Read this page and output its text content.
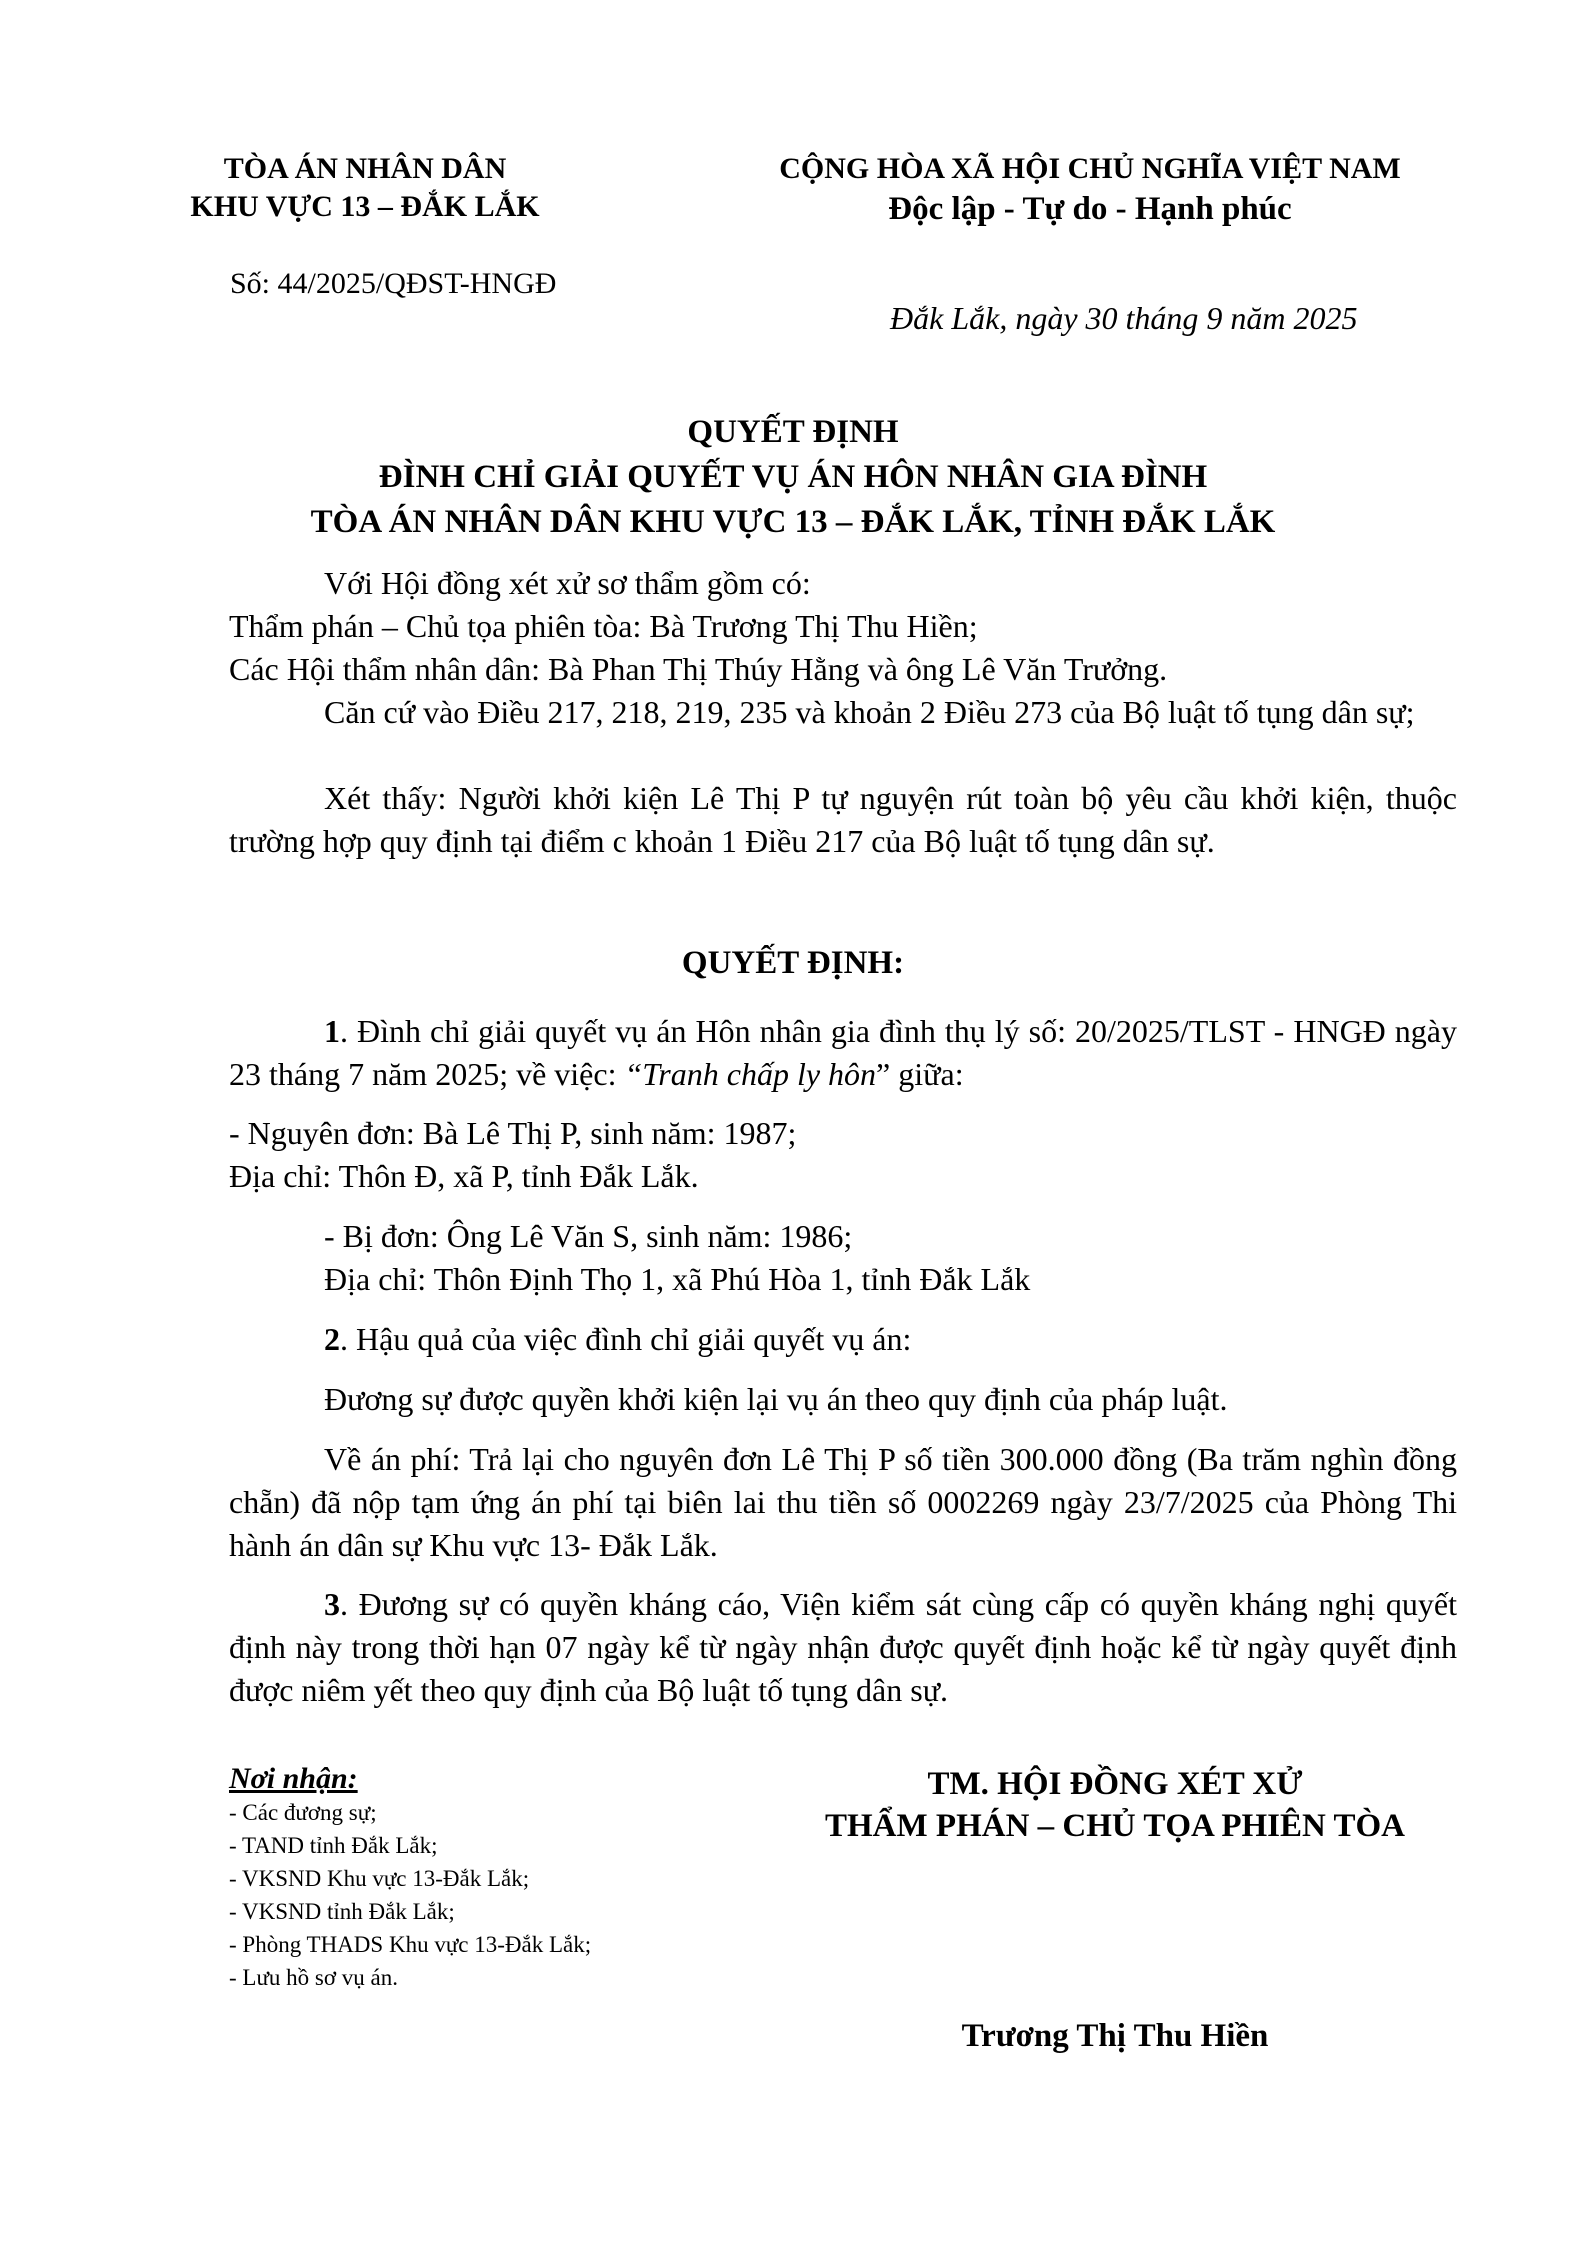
TÒA ÁN NHÂN DÂN
KHU VỰC 13 – ĐẮK LẮK
Số: 44/2025/QĐST-HNGĐ
CỘNG HÒA XÃ HỘI CHỦ NGHĨA VIỆT NAM
Độc lập - Tự do - Hạnh phúc
Đắk Lắk, ngày 30 tháng 9 năm 2025
QUYẾT ĐỊNH
ĐÌNH CHỈ GIẢI QUYẾT VỤ ÁN HÔN NHÂN GIA ĐÌNH
TÒA ÁN NHÂN DÂN KHU VỰC 13 – ĐẮK LẮK, TỈNH ĐẮK LẮK
Với Hội đồng xét xử sơ thẩm gồm có:
Thẩm phán – Chủ tọa phiên tòa: Bà Trương Thị Thu Hiền;
Các Hội thẩm nhân dân: Bà Phan Thị Thúy Hằng và ông Lê Văn Trưởng.
Căn cứ vào Điều 217, 218, 219, 235 và khoản 2 Điều 273 của Bộ luật tố tụng dân sự;
Xét thấy: Người khởi kiện Lê Thị P tự nguyện rút toàn bộ yêu cầu khởi kiện, thuộc trường hợp quy định tại điểm c khoản 1 Điều 217 của Bộ luật tố tụng dân sự.
QUYẾT ĐỊNH:
1. Đình chỉ giải quyết vụ án Hôn nhân gia đình thụ lý số: 20/2025/TLST - HNGĐ ngày 23 tháng 7 năm 2025; về việc: “Tranh chấp ly hôn” giữa:
- Nguyên đơn: Bà Lê Thị P, sinh năm: 1987;
Địa chỉ: Thôn Đ, xã P, tỉnh Đắk Lắk.
- Bị đơn: Ông Lê Văn S, sinh năm: 1986;
Địa chỉ: Thôn Định Thọ 1, xã Phú Hòa 1, tỉnh Đắk Lắk
2. Hậu quả của việc đình chỉ giải quyết vụ án:
Đương sự được quyền khởi kiện lại vụ án theo quy định của pháp luật.
Về án phí: Trả lại cho nguyên đơn Lê Thị P số tiền 300.000 đồng (Ba trăm nghìn đồng chẵn) đã nộp tạm ứng án phí tại biên lai thu tiền số 0002269 ngày 23/7/2025 của Phòng Thi hành án dân sự Khu vực 13- Đắk Lắk.
3. Đương sự có quyền kháng cáo, Viện kiểm sát cùng cấp có quyền kháng nghị quyết định này trong thời hạn 07 ngày kể từ ngày nhận được quyết định hoặc kể từ ngày quyết định được niêm yết theo quy định của Bộ luật tố tụng dân sự.
Nơi nhận:
- Các đương sự;
- TAND tỉnh Đắk Lắk;
- VKSND Khu vực 13-Đắk Lắk;
- VKSND tỉnh Đắk Lắk;
- Phòng THADS Khu vực 13-Đắk Lắk;
- Lưu hồ sơ vụ án.
TM. HỘI ĐỒNG XÉT XỬ
THẨM PHÁN – CHỦ TỌA PHIÊN TÒA
Trương Thị Thu Hiền
